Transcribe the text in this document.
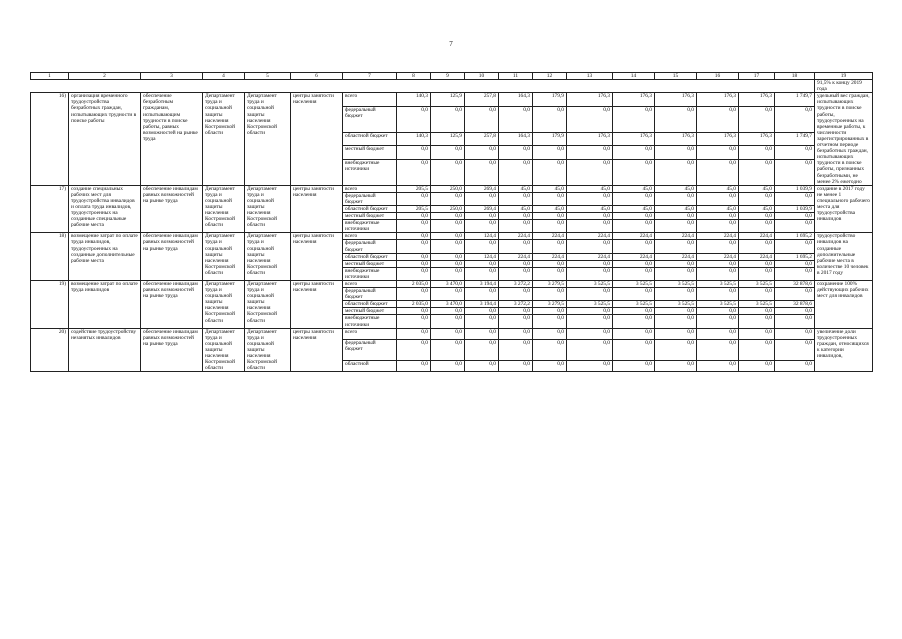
7
1	2	3	4	5	6	7	8	9	10	11	12	13	14	15	16	17	18	19
																		91,5% к концу 2019 года
16)	организация временного трудоустройства безработных граждан, испытывающих трудности в поиске работы	обеспечение безработным гражданам, испытывающим трудности в поиске работы, равных возможностей на рынке труда	Департамент труда и социальной защиты населения Костромской области	Департамент труда и социальной защиты населения Костромской области	центры занятости населения	всего	140,3	125,9	257,8	164,3	179,9	176,3	176,3	176,3	176,3	176,3	1 749,7	удельный вес граждан, испытывающих трудности в поиске работы, трудоустроенных на временные работы, к численности зарегистрированных в отчетном периоде безработных граждан, испытывающих трудности в поиске работы, признанных безработными, не менее 2% ежегодно
						федеральный бюджет	0,0	0,0	0,0	0,0	0,0	0,0	0,0	0,0	0,0	0,0	0,0	
						областной бюджет	140,3	125,9	257,8	164,3	179,9	176,3	176,3	176,3	176,3	176,3	1 749,7	
						местный бюджет	0,0	0,0	0,0	0,0	0,0	0,0	0,0	0,0	0,0	0,0	0,0	
						внебюджетные источники	0,0	0,0	0,0	0,0	0,0	0,0	0,0	0,0	0,0	0,0	0,0	
17)	создание специальных рабочих мест для трудоустройства инвалидов и оплата труда инвалидов, трудоустроенных на созданные специальные рабочие места	обеспечение инвалидам равных возможностей на рынке труда	Департамент труда и социальной защиты населения Костромской области	Департамент труда и социальной защиты населения Костромской области	центры занятости населения	всего	205,5	250,0	269,4	45,0	45,0	45,0	45,0	45,0	45,0	45,0	1 039,9	создание в 2017 году не менее 1 специального рабочего места для трудоустройства инвалидов
						федеральный бюджет	0,0	0,0	0,0	0,0	0,0	0,0	0,0	0,0	0,0	0,0	0,0	
						областной бюджет	205,5	250,0	269,4	45,0	45,0	45,0	45,0	45,0	45,0	45,0	1 039,9	
						местный бюджет	0,0	0,0	0,0	0,0	0,0	0,0	0,0	0,0	0,0	0,0	0,0	
						внебюджетные источники	0,0	0,0	0,0	0,0	0,0	0,0	0,0	0,0	0,0	0,0	0,0	
18)	возмещение затрат по оплате труда инвалидов, трудоустроенных на созданные дополнительные рабочие места	обеспечение инвалидам равных возможностей на рынке труда	Департамент труда и социальной защиты населения Костромской области	Департамент труда и социальной защиты населения Костромской области	центры занятости населения	всего	0,0	0,0	124,4	224,4	224,4	224,4	224,4	224,4	224,4	224,4	1 695,2	трудоустройство инвалидов на созданные дополнительные рабочие места в количестве 10 человек в 2017 году
						федеральный бюджет	0,0	0,0	0,0	0,0	0,0	0,0	0,0	0,0	0,0	0,0	0,0	
						областной бюджет	0,0	0,0	124,4	224,4	224,4	224,4	224,4	224,4	224,4	224,4	1 695,2	
						местный бюджет	0,0	0,0	0,0	0,0	0,0	0,0	0,0	0,0	0,0	0,0	0,0	
						внебюджетные источники	0,0	0,0	0,0	0,0	0,0	0,0	0,0	0,0	0,0	0,0	0,0	
19)	возмещение затрат по оплате труда инвалидов	обеспечение инвалидам равных возможностей на рынке труда	Департамент труда и социальной защиты населения Костромской области	Департамент труда и социальной защиты населения Костромской области	центры занятости населения	всего	2 035,0	3 470,0	3 194,4	3 272,2	3 279,5	3 525,5	3 525,5	3 525,5	3 525,5	3 525,5	32 878,6	сохранение 100% действующих рабочих мест для инвалидов
						федеральный бюджет	0,0	0,0	0,0	0,0	0,0	0,0	0,0	0,0	0,0	0,0	0,0	
						областной бюджет	2 035,0	3 470,0	3 194,4	3 272,2	3 279,5	3 525,5	3 525,5	3 525,5	3 525,5	3 525,5	32 878,6	
						местный бюджет	0,0	0,0	0,0	0,0	0,0	0,0	0,0	0,0	0,0	0,0	0,0	
						внебюджетные источники	0,0	0,0	0,0	0,0	0,0	0,0	0,0	0,0	0,0	0,0	0,0	
20)	содействие трудоустройству незанятых инвалидов	обеспечение инвалидам равных возможностей на рынке труда	Департамент труда и социальной защиты населения Костромской области	Департамент труда и социальной защиты населения Костромской области	центры занятости населения	всего	0,0	0,0	0,0	0,0	0,0	0,0	0,0	0,0	0,0	0,0	0,0	увеличение доли трудоустроенных граждан, относящихся к категории инвалидов,
						федеральный бюджет	0,0	0,0	0,0	0,0	0,0	0,0	0,0	0,0	0,0	0,0	0,0	
						областной	0,0	0,0	0,0	0,0	0,0	0,0	0,0	0,0	0,0	0,0	0,0	
